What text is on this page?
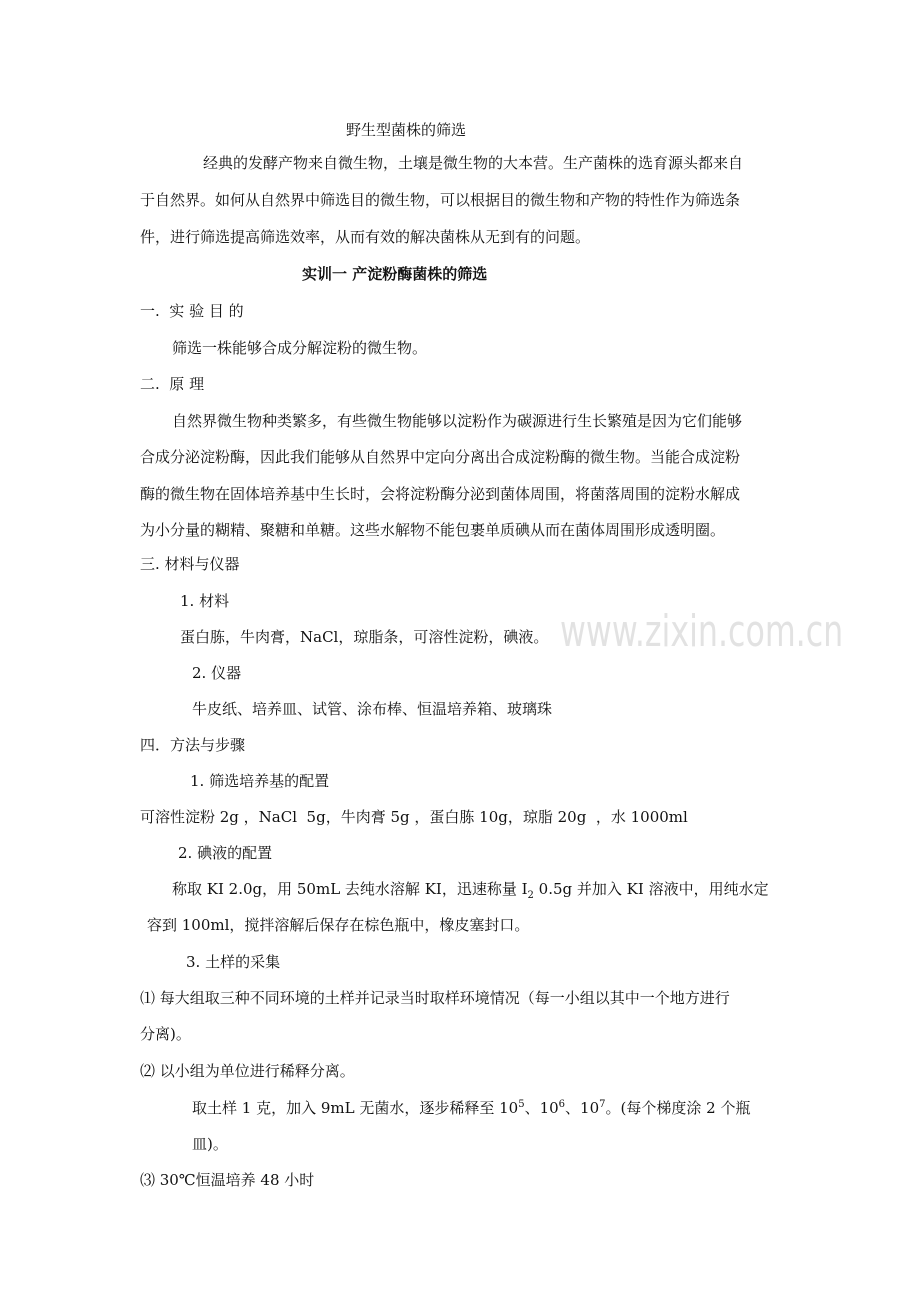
www.zixin.com.cn
野生型菌株的筛选
经典的发酵产物来自微生物，土壤是微生物的大本营。生产菌株的选育源头都来自
于自然界。如何从自然界中筛选目的微生物，可以根据目的微生物和产物的特性作为筛选条
件，进行筛选提高筛选效率，从而有效的解决菌株从无到有的问题。
实训一 产淀粉酶菌株的筛选
一.  实 验 目 的
筛选一株能够合成分解淀粉的微生物。
二.  原 理
自然界微生物种类繁多，有些微生物能够以淀粉作为碳源进行生长繁殖是因为它们能够
合成分泌淀粉酶，因此我们能够从自然界中定向分离出合成淀粉酶的微生物。当能合成淀粉
酶的微生物在固体培养基中生长时，会将淀粉酶分泌到菌体周围，将菌落周围的淀粉水解成
为小分量的糊精、聚糖和单糖。这些水解物不能包裹单质碘从而在菌体周围形成透明圈。
三. 材料与仪器
1. 材料
蛋白胨，牛肉膏，NaCl，琼脂条，可溶性淀粉，碘液。
2. 仪器
牛皮纸、培养皿、试管、涂布棒、恒温培养箱、玻璃珠
四．方法与步骤
1. 筛选培养基的配置
可溶性淀粉 2g ，NaCl  5g，牛肉膏 5g ，蛋白胨 10g，琼脂 20g  ，水 1000ml
2. 碘液的配置
称取 KI 2.0g，用 50mL 去纯水溶解 KI，迅速称量 $I_2$ 0.5g 并加入 KI 溶液中，用纯水定
容到 100ml，搅拌溶解后保存在棕色瓶中，橡皮塞封口。
3. 土样的采集
⑴ 每大组取三种不同环境的土样并记录当时取样环境情况（每一小组以其中一个地方进行
分离)。
⑵ 以小组为单位进行稀释分离。
取土样 1 克，加入 9mL 无菌水，逐步稀释至 $10^5$、$10^6$、$10^7$。(每个梯度涂 2 个瓶
皿)。
⑶ 30℃恒温培养 48 小时
